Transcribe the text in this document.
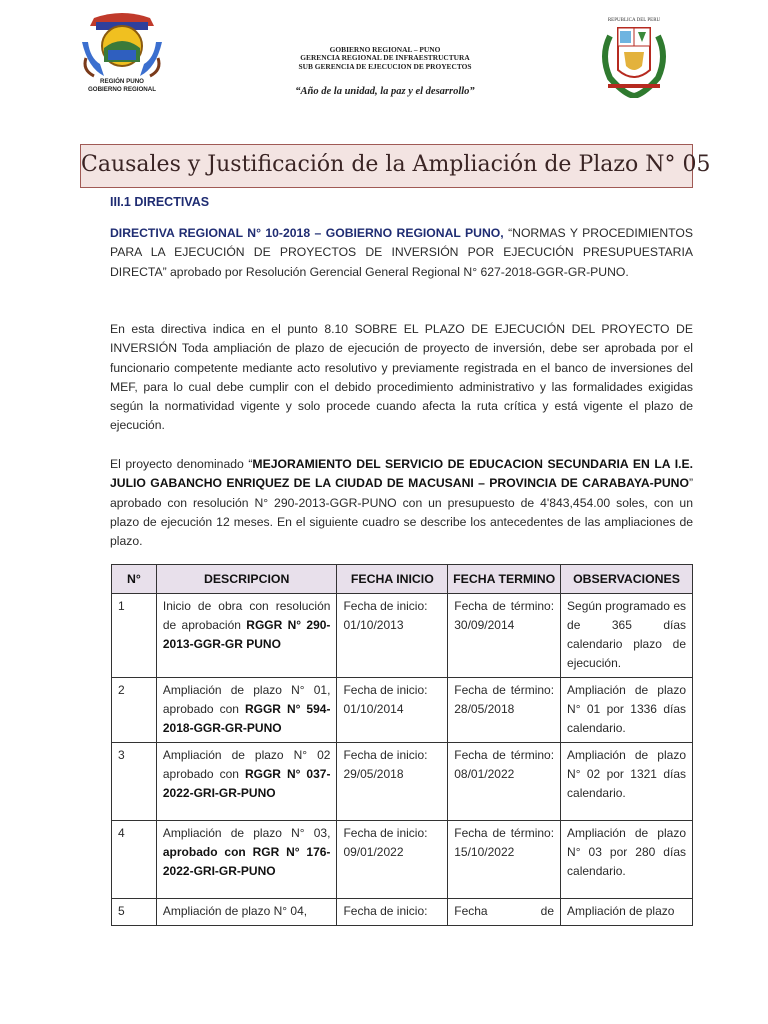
REGIÓN PUNO
GOBIERNO REGIONAL
GOBIERNO REGIONAL – PUNO
GERENCIA REGIONAL DE INFRAESTRUCTURA
SUB GERENCIA DE EJECUCION DE PROYECTOS
“Año de la unidad, la paz y el desarrollo”
REPUBLICA DEL PERU
Causales y Justificación de la Ampliación de Plazo N° 05
III.1 DIRECTIVAS
DIRECTIVA REGIONAL N° 10-2018 – GOBIERNO REGIONAL PUNO, “NORMAS Y PROCEDIMIENTOS PARA LA EJECUCIÓN DE PROYECTOS DE INVERSIÓN POR EJECUCIÓN PRESUPUESTARIA DIRECTA” aprobado por Resolución Gerencial General Regional N° 627-2018-GGR-GR-PUNO.
En esta directiva indica en el punto 8.10 SOBRE EL PLAZO DE EJECUCIÓN DEL PROYECTO DE INVERSIÓN Toda ampliación de plazo de ejecución de proyecto de inversión, debe ser aprobada por el funcionario competente mediante acto resolutivo y previamente registrada en el banco de inversiones del MEF, para lo cual debe cumplir con el debido procedimiento administrativo y las formalidades exigidas según la normatividad vigente y solo procede cuando afecta la ruta crítica y está vigente el plazo de ejecución.
El proyecto denominado “MEJORAMIENTO DEL SERVICIO DE EDUCACION SECUNDARIA EN LA I.E. JULIO GABANCHO ENRIQUEZ DE LA CIUDAD DE MACUSANI – PROVINCIA DE CARABAYA-PUNO” aprobado con resolución N° 290-2013-GGR-PUNO con un presupuesto de 4'843,454.00 soles, con un plazo de ejecución 12 meses. En el siguiente cuadro se describe los antecedentes de las ampliaciones de plazo.
N°	DESCRIPCION	FECHA INICIO	FECHA TERMINO	OBSERVACIONES
1	Inicio de obra con resolución de aprobación RGGR N° 290-2013-GGR-GR PUNO	Fecha de inicio: 01/10/2013	Fecha de término: 30/09/2014	Según programado es de 365 días calendario plazo de ejecución.
2	Ampliación de plazo N° 01, aprobado con RGGR N° 594-2018-GGR-GR-PUNO	Fecha de inicio: 01/10/2014	Fecha de término: 28/05/2018	Ampliación de plazo N° 01 por 1336 días calendario.
3	Ampliación de plazo N° 02 aprobado con RGGR N° 037-2022-GRI-GR-PUNO	Fecha de inicio: 29/05/2018	Fecha de término: 08/01/2022	Ampliación de plazo N° 02 por 1321 días calendario.
4	Ampliación de plazo N° 03, aprobado con RGR N° 176-2022-GRI-GR-PUNO	Fecha de inicio: 09/01/2022	Fecha de término: 15/10/2022	Ampliación de plazo N° 03 por 280 días calendario.
5	Ampliación de plazo N° 04,	Fecha de inicio:	Fecha de	Ampliación de plazo
